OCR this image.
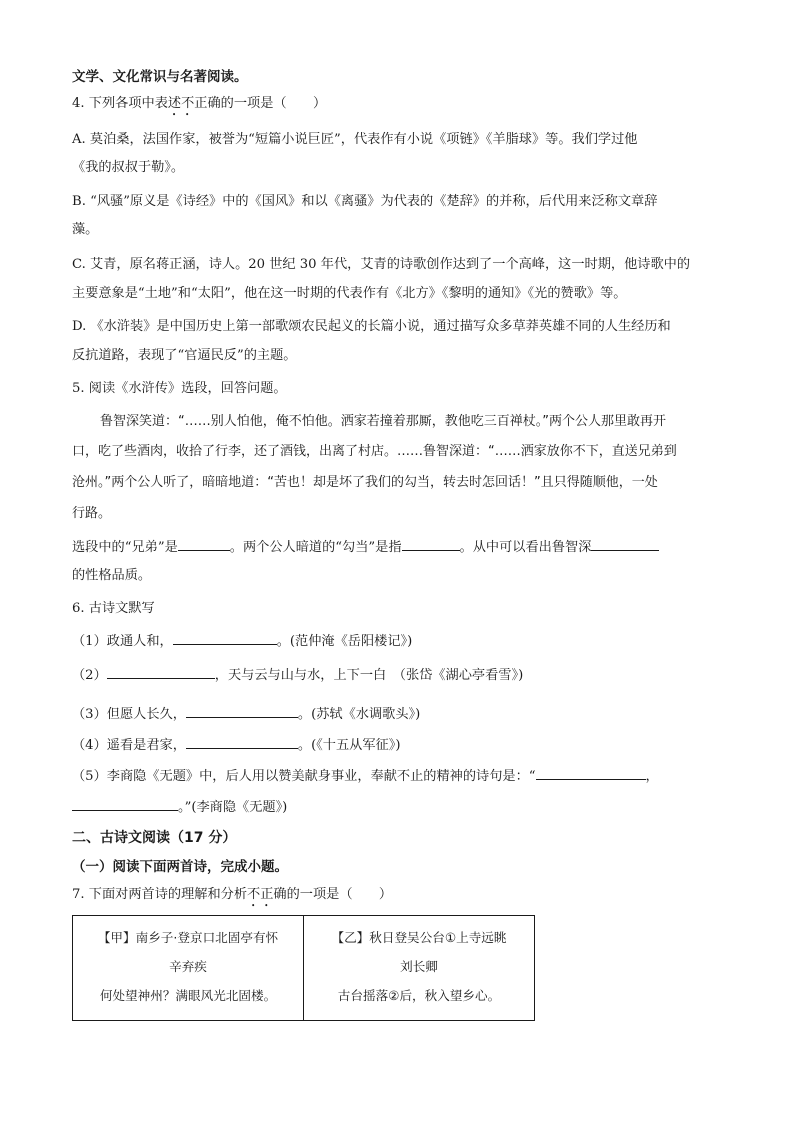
文学、文化常识与名著阅读。
4. 下列各项中表述不正确的一项是（　　）
A. 莫泊桑，法国作家，被誉为“短篇小说巨匠”，代表作有小说《项链》《羊脂球》等。我们学过他
《我的叔叔于勒》。
B. “风骚”原义是《诗经》中的《国风》和以《离骚》为代表的《楚辞》的并称，后代用来泛称文章辞
藻。
C. 艾青，原名蒋正涵，诗人。20 世纪 30 年代，艾青的诗歌创作达到了一个高峰，这一时期，他诗歌中的
主要意象是“土地”和“太阳”，他在这一时期的代表作有《北方》《黎明的通知》《光的赞歌》等。
D. 《水浒装》是中国历史上第一部歌颂农民起义的长篇小说，通过描写众多草莽英雄不同的人生经历和
反抗道路，表现了“官逼民反”的主题。
5. 阅读《水浒传》选段，回答问题。
鲁智深笑道：“……别人怕他，俺不怕他。洒家若撞着那厮，教他吃三百禅杖。”两个公人那里敢再开
口，吃了些酒肉，收拾了行李，还了酒钱，出离了村店。……鲁智深道：“……洒家放你不下，直送兄弟到
沧州。”两个公人听了，暗暗地道：“苦也！却是坏了我们的勾当，转去时怎回话！”且只得随顺他，一处
行路。
选段中的“兄弟”是	。两个公人暗道的“勾当”是指	。从中可以看出鲁智深
的性格品质。
6. 古诗文默写
（1）政通人和，	。(范仲淹《岳阳楼记》)
（2）	，天与云与山与水，上下一白　（张岱《湖心亭看雪》)
（3）但愿人长久，	。(苏轼《水调歌头》)
（4）遥看是君家，	。(《十五从军征》)
（5）李商隐《无题》中，后人用以赞美献身事业，奉献不止的精神的诗句是：“	，
。”(李商隐《无题》)
二、古诗文阅读（17 分）
（一）阅读下面两首诗，完成小题。
7. 下面对两首诗的理解和分析不正确的一项是（　　）
【甲】南乡子·登京口北固亭有怀
辛弃疾
何处望神州？满眼风光北固楼。

【乙】秋日登吴公台①上寺远眺
刘长卿
古台摇落②后，秋入望乡心。
